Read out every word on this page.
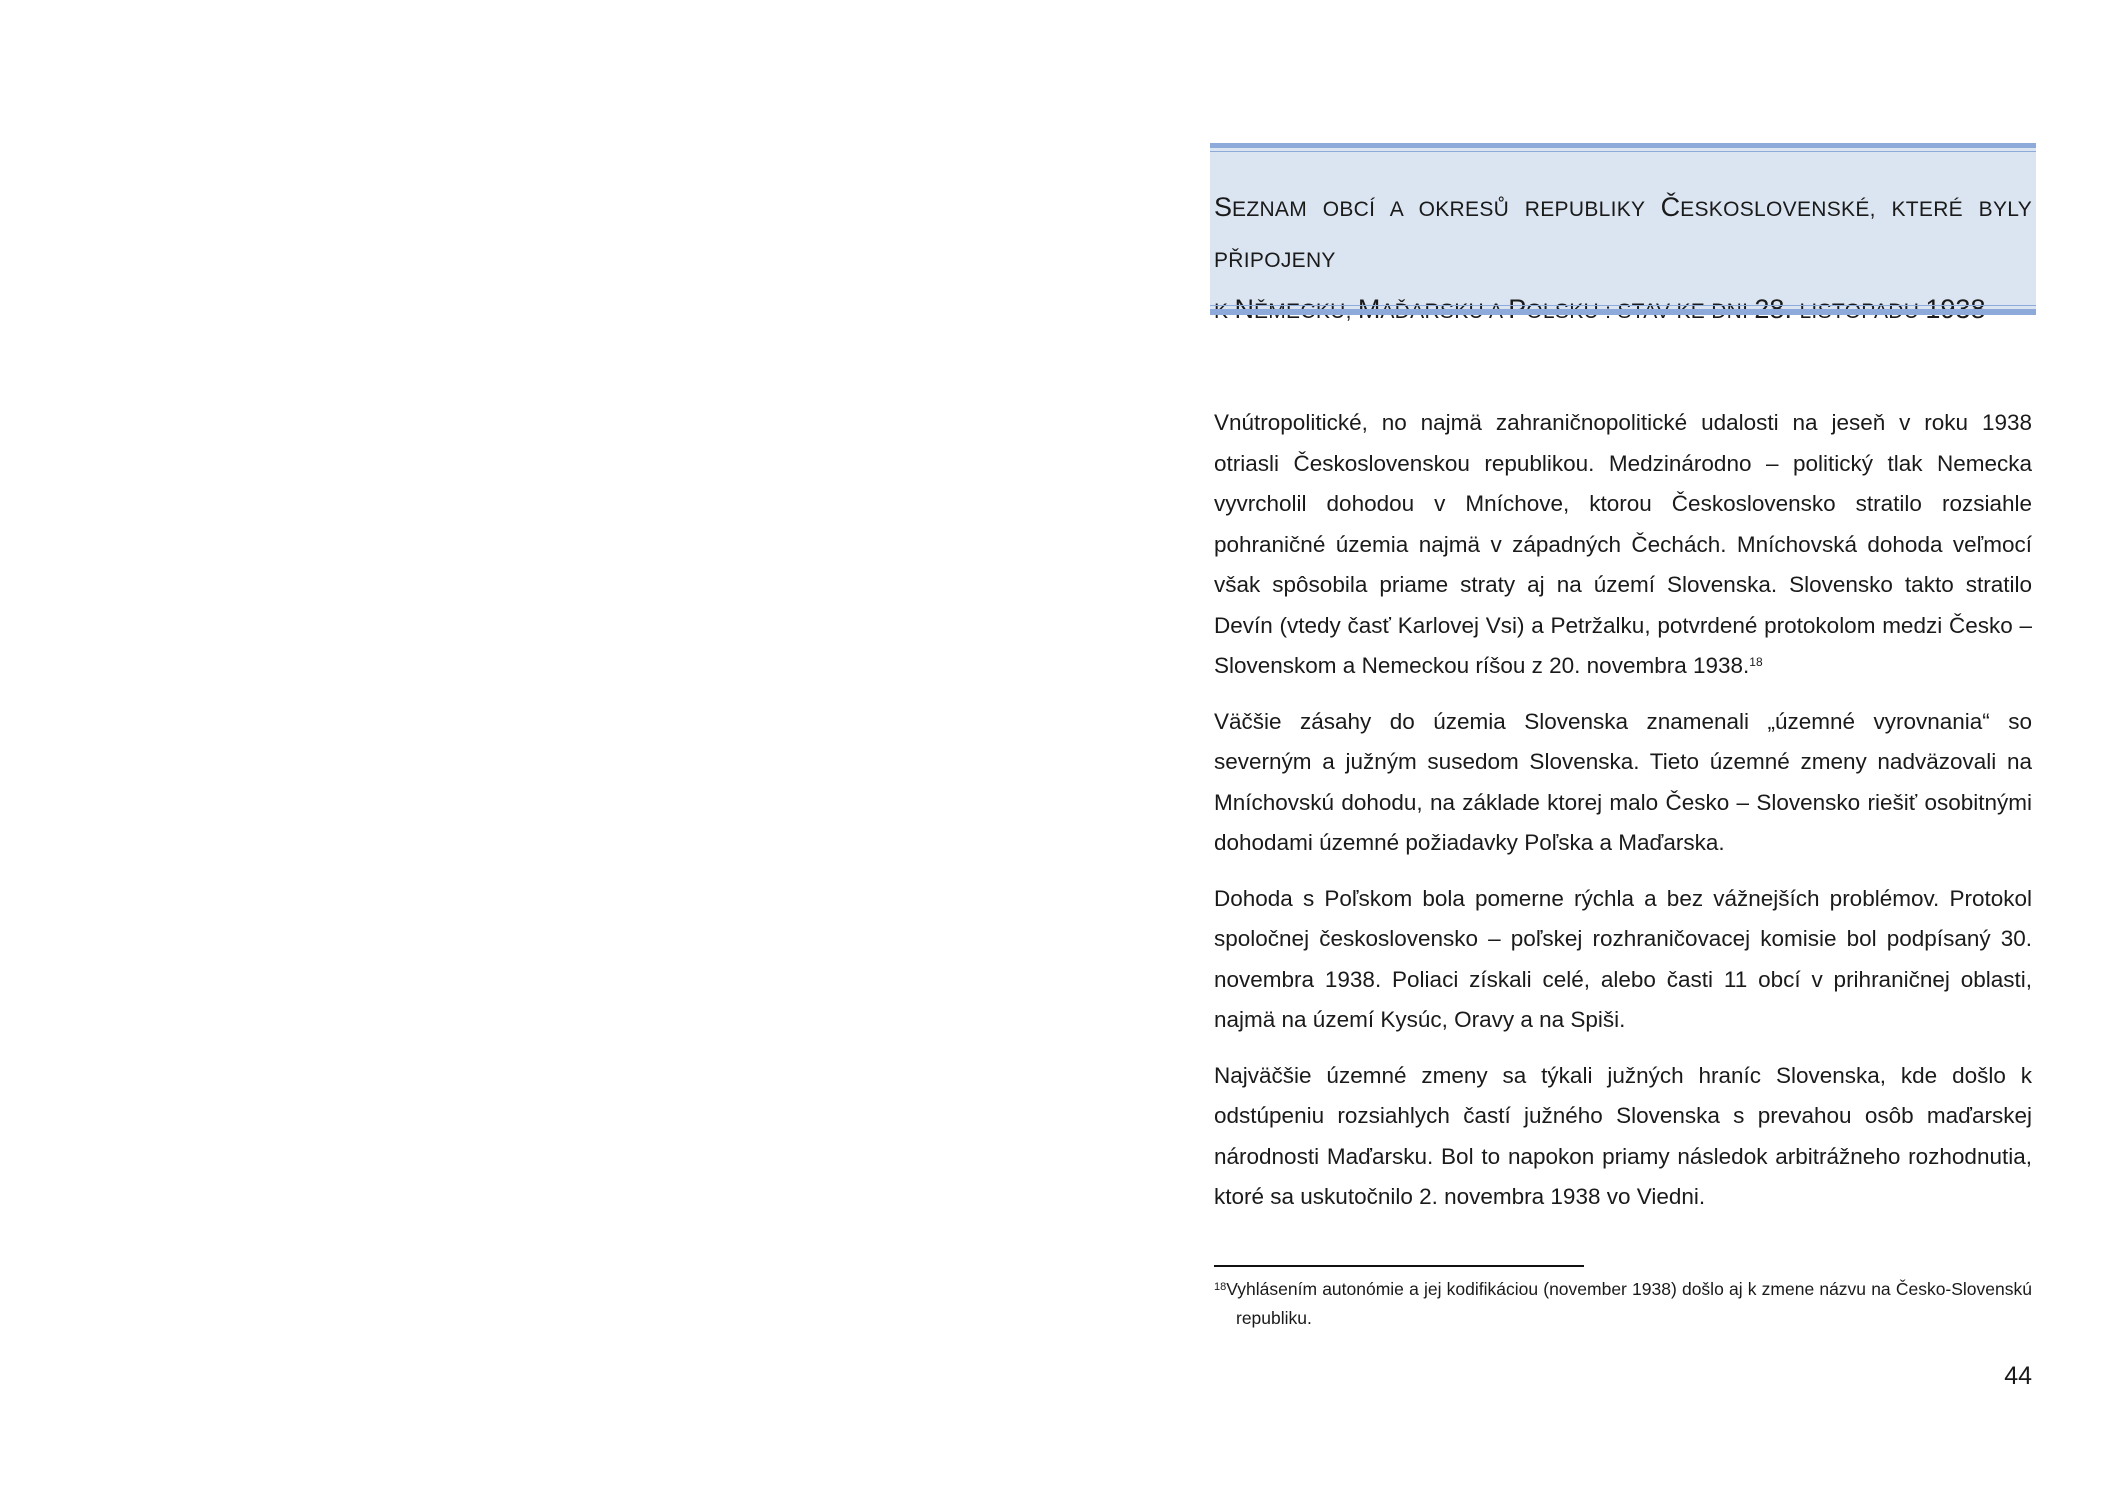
SEZNAM OBCÍ A OKRESŮ REPUBLIKY ČESKOSLOVENSKÉ, KTERÉ BYLY PŘIPOJENY

Vnútropolitické, no najmä zahraničnopolitické udalosti na jeseň v roku 1938 otriasli Československou republikou. Medzinárodno – politický tlak Nemecka vyvrcholil dohodou v Mníchove, ktorou Československo stratilo rozsiahle pohraničné územia najmä v západných Čechách. Mníchovská dohoda veľmocí však spôsobila priame straty aj na území Slovenska. Slovensko takto stratilo Devín (vtedy časť Karlovej Vsi) a Petržalku, potvrdené protokolom medzi Česko – Slovenskom a Nemeckou ríšou z 20. novembra 1938.18

Väčšie zásahy do územia Slovenska znamenali „územné vyrovnania“ so severným a južným susedom Slovenska. Tieto územné zmeny nadväzovali na Mníchovskú dohodu, na základe ktorej malo Česko – Slovensko riešiť osobitnými dohodami územné požiadavky Poľska a Maďarska.

Dohoda s Poľskom bola pomerne rýchla a bez vážnejších problémov. Protokol spoločnej československo – poľskej rozhraničovacej komisie bol podpísaný 30. novembra 1938. Poliaci získali celé, alebo časti 11 obcí v prihraničnej oblasti, najmä na území Kysúc, Oravy a na Spiši.

Najväčšie územné zmeny sa týkali južných hraníc Slovenska, kde došlo k odstúpeniu rozsiahlych častí južného Slovenska s prevahou osôb maďarskej národnosti Maďarsku. Bol to napokon priamy následok arbitrážneho rozhodnutia, ktoré sa uskutočnilo 2. novembra 1938 vo Viedni.

$^{18}$Vyhlásením autonómie a jej kodifikáciou (november 1938) došlo aj k zmene názvu na Česko-Slovenskú republiku.

44
